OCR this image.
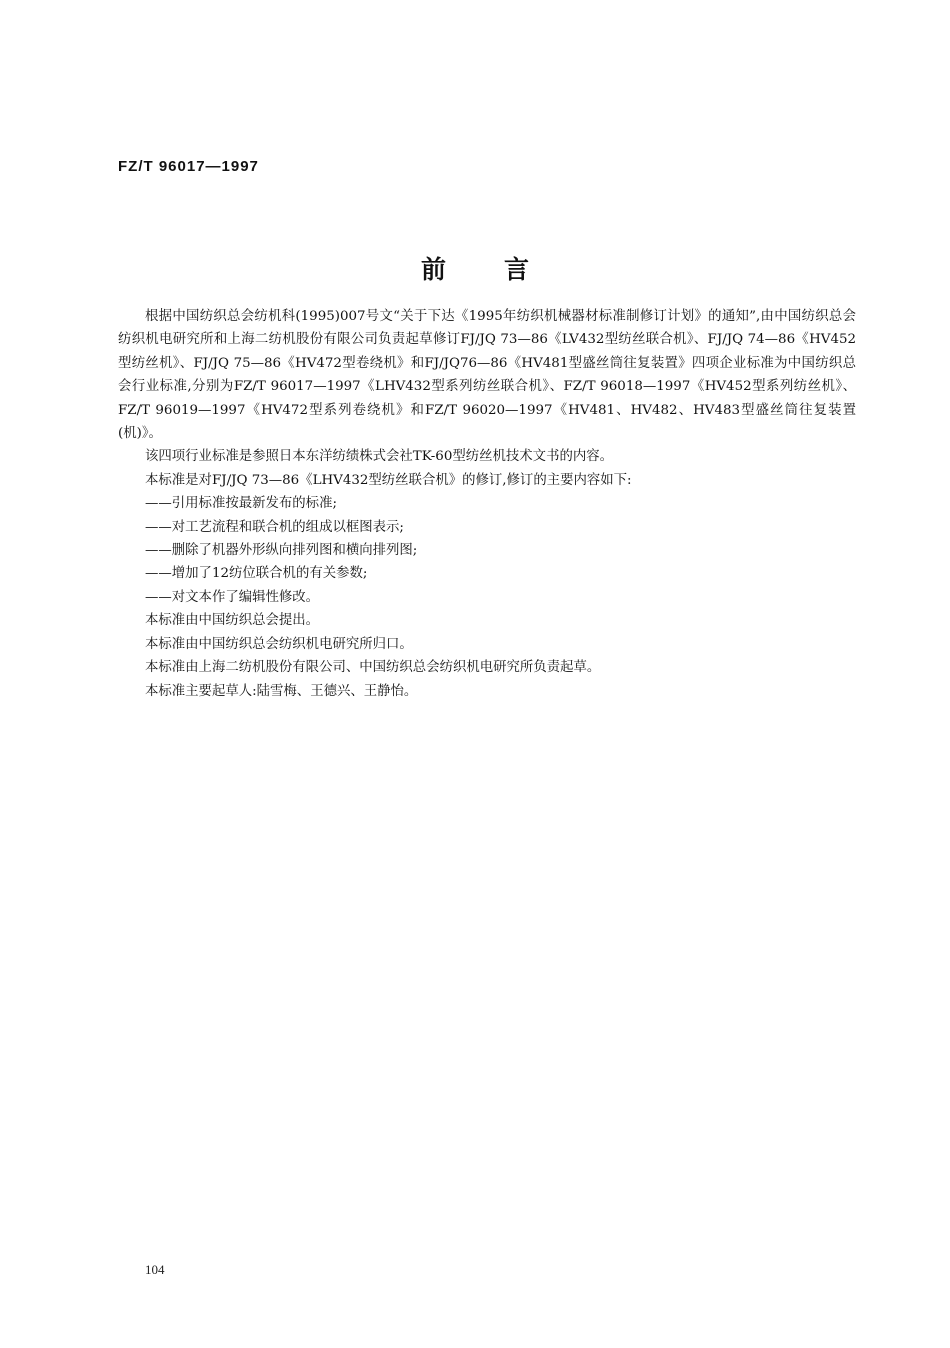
FZ/T 96017—1997
前言

根据中国纺织总会纺机科(1995)007号文“关于下达《1995年纺织机械器材标准制修订计划》的通知”,由中国纺织总会纺织机电研究所和上海二纺机股份有限公司负责起草修订FJ/JQ 73—86《LV432型纺丝联合机》、FJ/JQ 74—86《HV452型纺丝机》、FJ/JQ 75—86《HV472型卷绕机》和FJ/JQ76—86《HV481型盛丝筒往复装置》四项企业标准为中国纺织总会行业标准,分别为FZ/T 96017—1997《LHV432型系列纺丝联合机》、FZ/T 96018—1997《HV452型系列纺丝机》、FZ/T 96019—1997《HV472型系列卷绕机》和FZ/T 96020—1997《HV481、HV482、HV483型盛丝筒往复装置(机)》。

该四项行业标准是参照日本东洋纺绩株式会社TK-60型纺丝机技术文书的内容。

本标准是对FJ/JQ 73—86《LHV432型纺丝联合机》的修订,修订的主要内容如下:

——引用标准按最新发布的标准;

——对工艺流程和联合机的组成以框图表示;

——删除了机器外形纵向排列图和横向排列图;

——增加了12纺位联合机的有关参数;

——对文本作了编辑性修改。

本标准由中国纺织总会提出。

本标准由中国纺织总会纺织机电研究所归口。

本标准由上海二纺机股份有限公司、中国纺织总会纺织机电研究所负责起草。

本标准主要起草人:陆雪梅、王德兴、王静怡。

104
